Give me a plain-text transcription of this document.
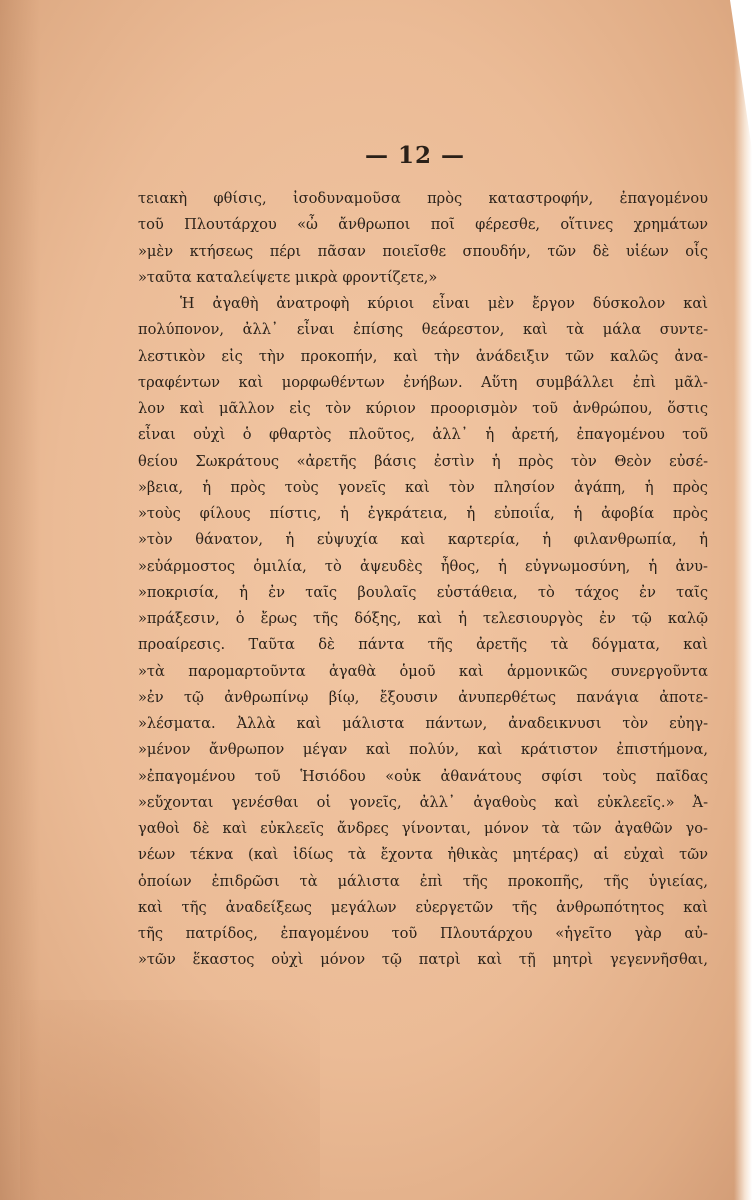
— 12 —
τειακὴ φθίσις, ἰσοδυναμοῦσα πρὸς καταστροφήν, ἐπαγομένου
τοῦ Πλουτάρχου «ὦ ἄνθρωποι ποῖ φέρεσθε, οἵτινες χρημάτων
»μὲν κτήσεως πέρι πᾶσαν ποιεῖσθε σπουδήν, τῶν δὲ υἱέων οἷς
»ταῦτα καταλείψετε μικρὰ φροντίζετε,»
Ἡ ἀγαθὴ ἀνατροφὴ κύριοι εἶναι μὲν ἔργον δύσκολον καὶ
πολύπονον, ἀλλ᾽ εἶναι ἐπίσης θεάρεστον, καὶ τὰ μάλα συντε-
λεστικὸν εἰς τὴν προκοπήν, καὶ τὴν ἀνάδειξιν τῶν καλῶς ἀνα-
τραφέντων καὶ μορφωθέντων ἐνήβων. Αὕτη συμβάλλει ἐπὶ μᾶλ-
λον καὶ μᾶλλον εἰς τὸν κύριον προορισμὸν τοῦ ἀνθρώπου, ὅστις
εἶναι οὐχὶ ὁ φθαρτὸς πλοῦτος, ἀλλ᾽ ἡ ἀρετή, ἐπαγομένου τοῦ
θείου Σωκράτους «ἀρετῆς βάσις ἐστὶν ἡ πρὸς τὸν Θεὸν εὐσέ-
»βεια, ἡ πρὸς τοὺς γονεῖς καὶ τὸν πλησίον ἀγάπη, ἡ πρὸς
»τοὺς φίλους πίστις, ἡ ἐγκράτεια, ἡ εὐποιΐα, ἡ ἀφοβία πρὸς
»τὸν θάνατον, ἡ εὐψυχία καὶ καρτερία, ἡ φιλανθρωπία, ἡ
»εὐάρμοστος ὁμιλία, τὸ ἀψευδὲς ἦθος, ἡ εὐγνωμοσύνη, ἡ ἀνυ-
»ποκρισία, ἡ ἐν ταῖς βουλαῖς εὐστάθεια, τὸ τάχος ἐν ταῖς
»πράξεσιν, ὁ ἔρως τῆς δόξης, καὶ ἡ τελεσιουργὸς ἐν τῷ καλῷ
προαίρεσις. Ταῦτα δὲ πάντα τῆς ἀρετῆς τὰ δόγματα, καὶ
»τὰ παρομαρτοῦντα ἀγαθὰ ὁμοῦ καὶ ἁρμονικῶς συνεργοῦντα
»ἐν τῷ ἀνθρωπίνῳ βίῳ, ἔξουσιν ἀνυπερθέτως πανάγια ἀποτε-
»λέσματα. Ἀλλὰ καὶ μάλιστα πάντων, ἀναδεικνυσι τὸν εὐηγ-
»μένον ἄνθρωπον μέγαν καὶ πολύν, καὶ κράτιστον ἐπιστήμονα,
»ἐπαγομένου τοῦ Ἡσιόδου «οὐκ ἀθανάτους σφίσι τοὺς παῖδας
»εὔχονται γενέσθαι οἱ γονεῖς, ἀλλ᾽ ἀγαθοὺς καὶ εὐκλεεῖς.» Ἀ-
γαθοὶ δὲ καὶ εὐκλεεῖς ἄνδρες γίνονται, μόνον τὰ τῶν ἀγαθῶν γο-
νέων τέκνα (καὶ ἰδίως τὰ ἔχοντα ἠθικὰς μητέρας) αἱ εὐχαὶ τῶν
ὁποίων ἐπιδρῶσι τὰ μάλιστα ἐπὶ τῆς προκοπῆς, τῆς ὑγιείας,
καὶ τῆς ἀναδείξεως μεγάλων εὐεργετῶν τῆς ἀνθρωπότητος καὶ
τῆς πατρίδος, ἐπαγομένου τοῦ Πλουτάρχου «ἡγεῖτο γὰρ αὐ-
»τῶν ἕκαστος οὐχὶ μόνον τῷ πατρὶ καὶ τῇ μητρὶ γεγεννῆσθαι,
